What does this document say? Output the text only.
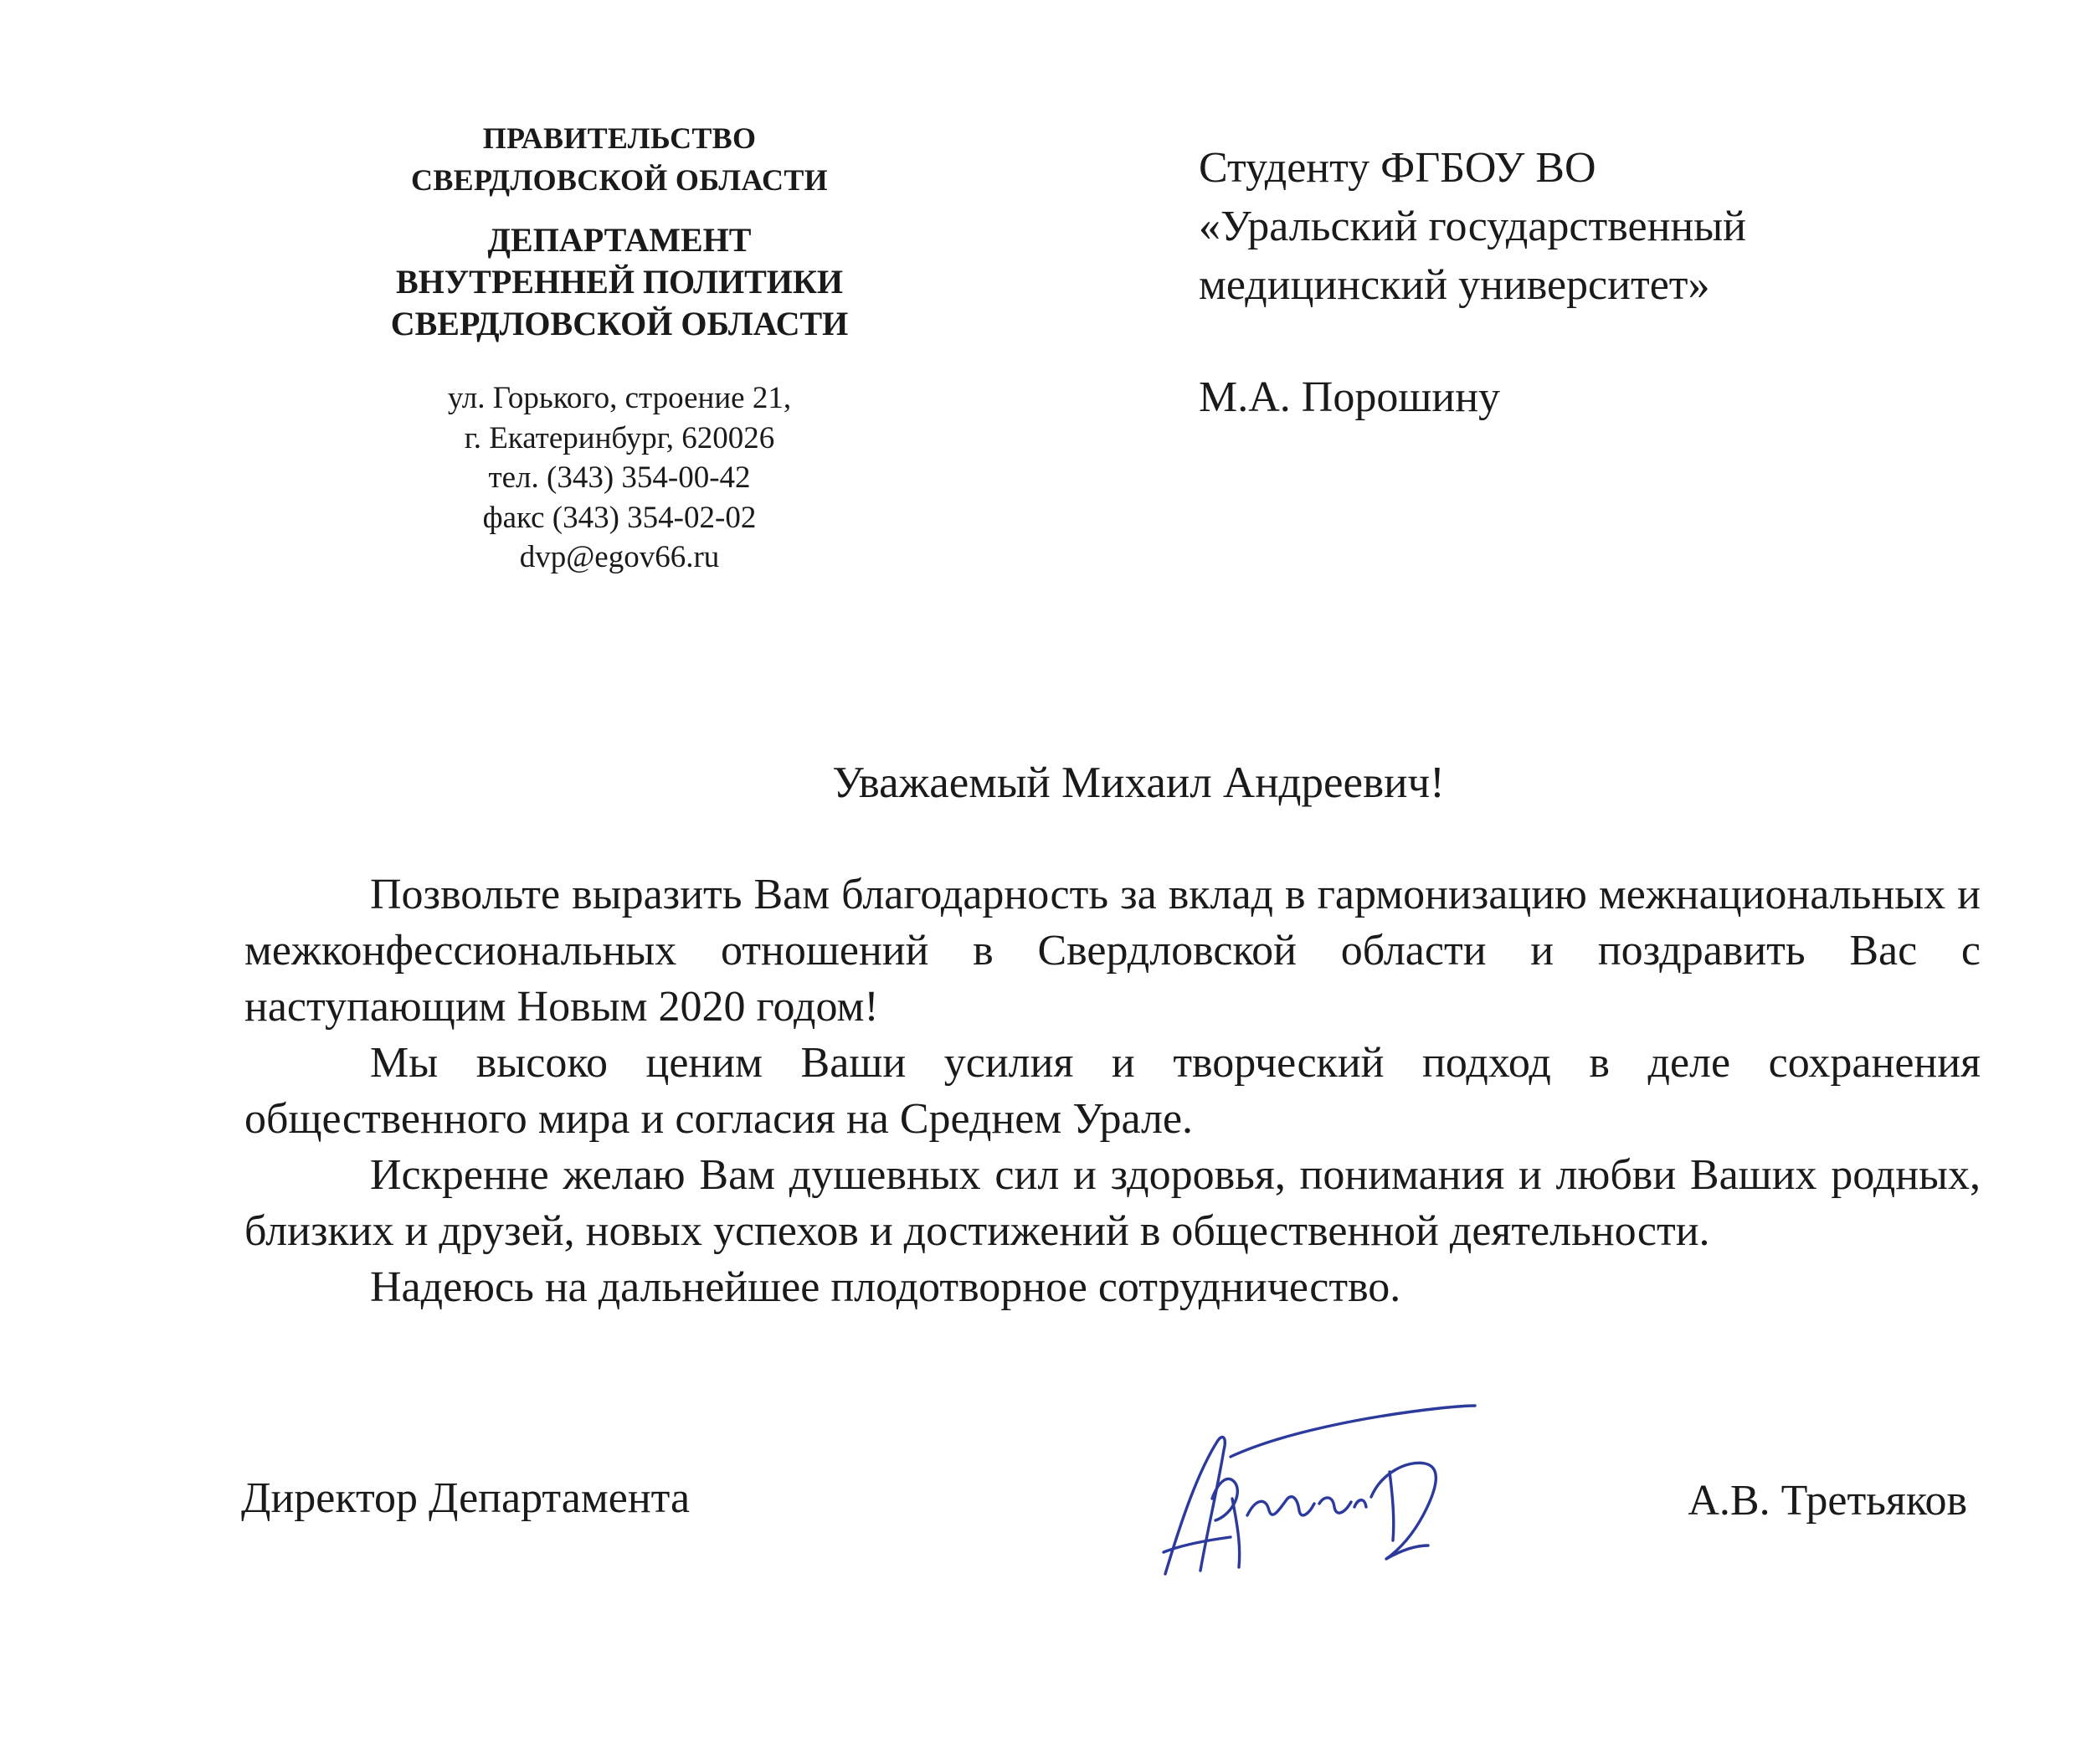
ПРАВИТЕЛЬСТВО
СВЕРДЛОВСКОЙ ОБЛАСТИ
ДЕПАРТАМЕНТ
ВНУТРЕННЕЙ ПОЛИТИКИ
СВЕРДЛОВСКОЙ ОБЛАСТИ
ул. Горького, строение 21,
г. Екатеринбург, 620026
тел. (343) 354-00-42
факс (343) 354-02-02
dvp@egov66.ru
Студенту ФГБОУ ВО
«Уральский государственный
медицинский университет»
М.А. Порошину
Уважаемый Михаил Андреевич!

Позвольте выразить Вам благодарность за вклад в гармонизацию межнациональных и межконфессиональных отношений в Свердловской области и поздравить Вас с наступающим Новым 2020 годом!

Мы высоко ценим Ваши усилия и творческий подход в деле сохранения общественного мира и согласия на Среднем Урале.

Искренне желаю Вам душевных сил и здоровья, понимания и любви Ваших родных, близких и друзей, новых успехов и достижений в общественной деятельности.

Надеюсь на дальнейшее плодотворное сотрудничество.

Директор Департамента	А.В. Третьяков
